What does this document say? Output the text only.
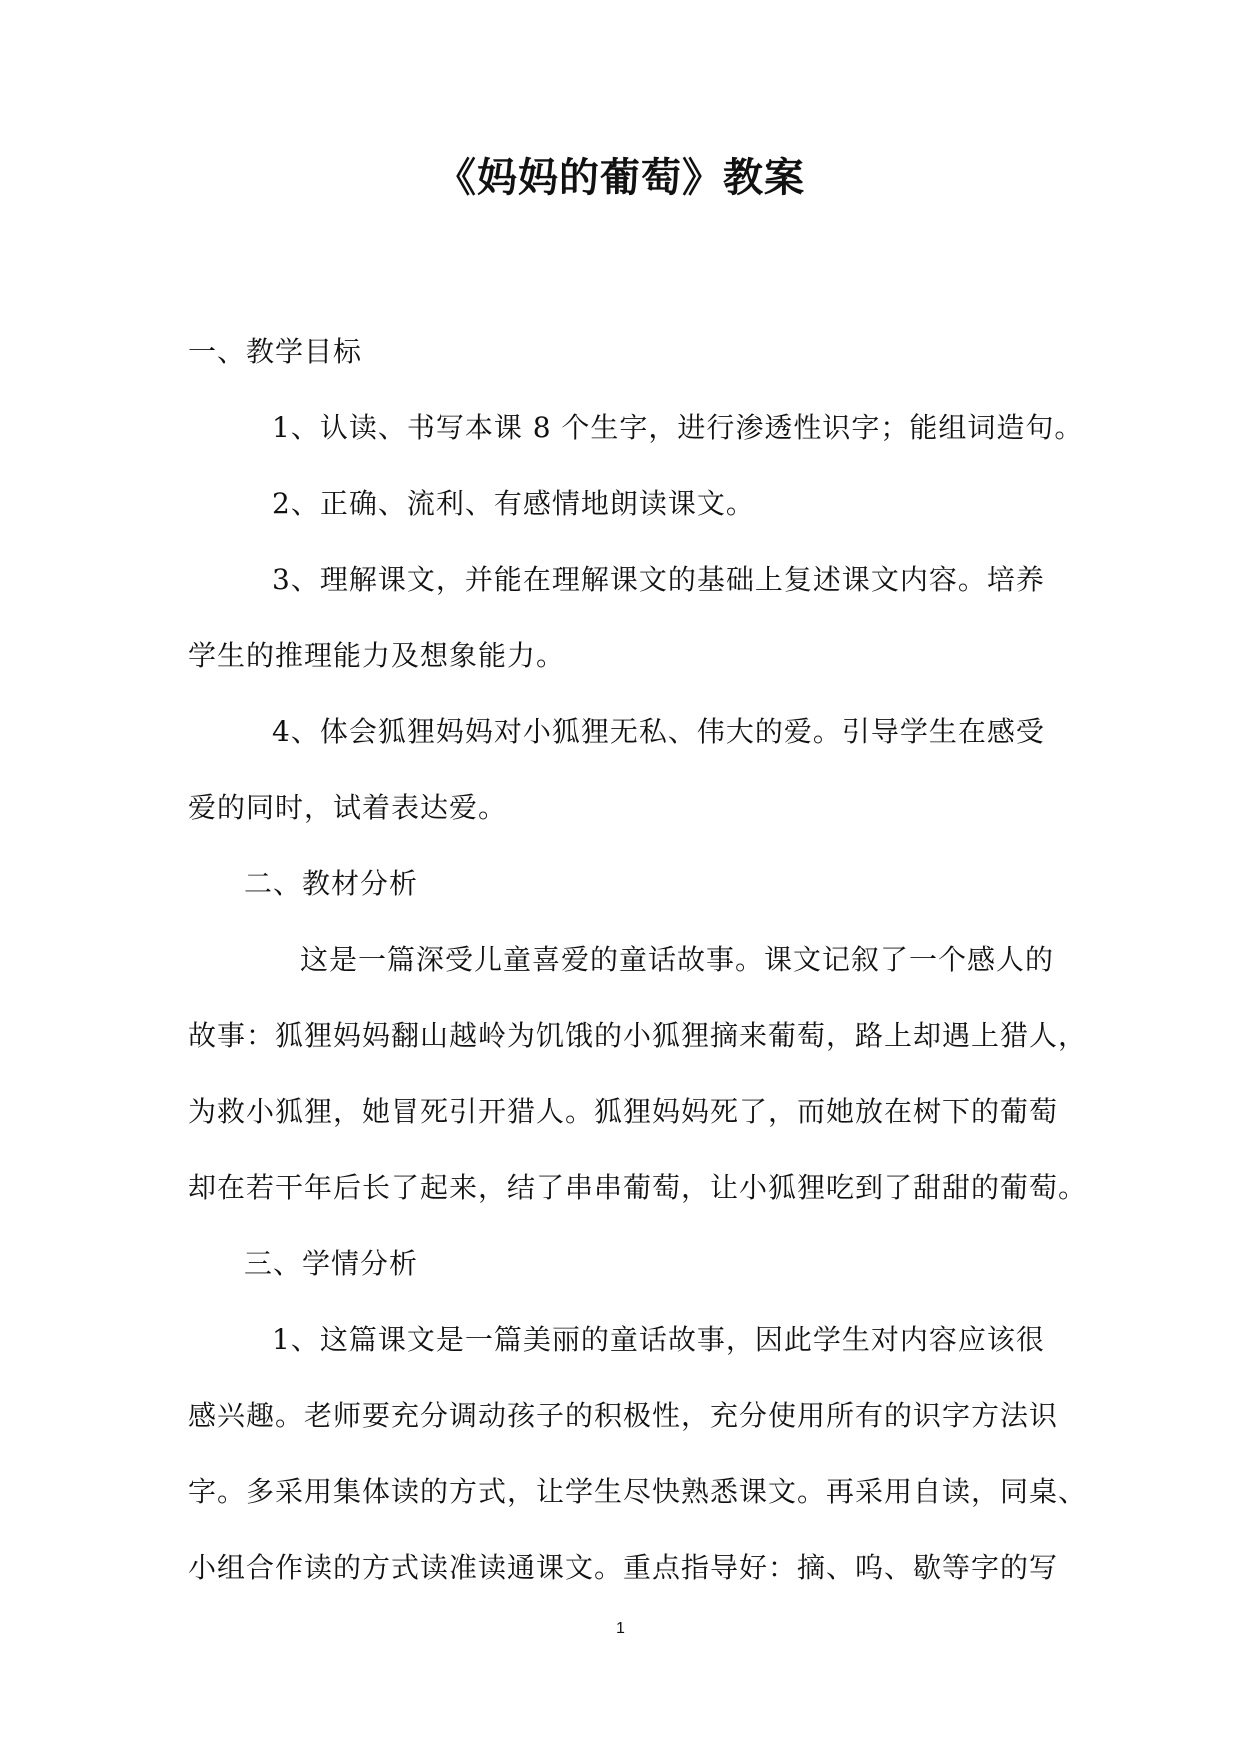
《妈妈的葡萄》教案
一、教学目标
1、认读、书写本课 8 个生字，进行渗透性识字；能组词造句。
2、正确、流利、有感情地朗读课文。
3、理解课文，并能在理解课文的基础上复述课文内容。培养
学生的推理能力及想象能力。
4、体会狐狸妈妈对小狐狸无私、伟大的爱。引导学生在感受
爱的同时，试着表达爱。
二、教材分析
这是一篇深受儿童喜爱的童话故事。课文记叙了一个感人的
故事：狐狸妈妈翻山越岭为饥饿的小狐狸摘来葡萄，路上却遇上猎人，
为救小狐狸，她冒死引开猎人。狐狸妈妈死了，而她放在树下的葡萄
却在若干年后长了起来，结了串串葡萄，让小狐狸吃到了甜甜的葡萄。
三、学情分析
1、这篇课文是一篇美丽的童话故事，因此学生对内容应该很
感兴趣。老师要充分调动孩子的积极性，充分使用所有的识字方法识
字。多采用集体读的方式，让学生尽快熟悉课文。再采用自读，同桌、
小组合作读的方式读准读通课文。重点指导好：摘、呜、歇等字的写
1
